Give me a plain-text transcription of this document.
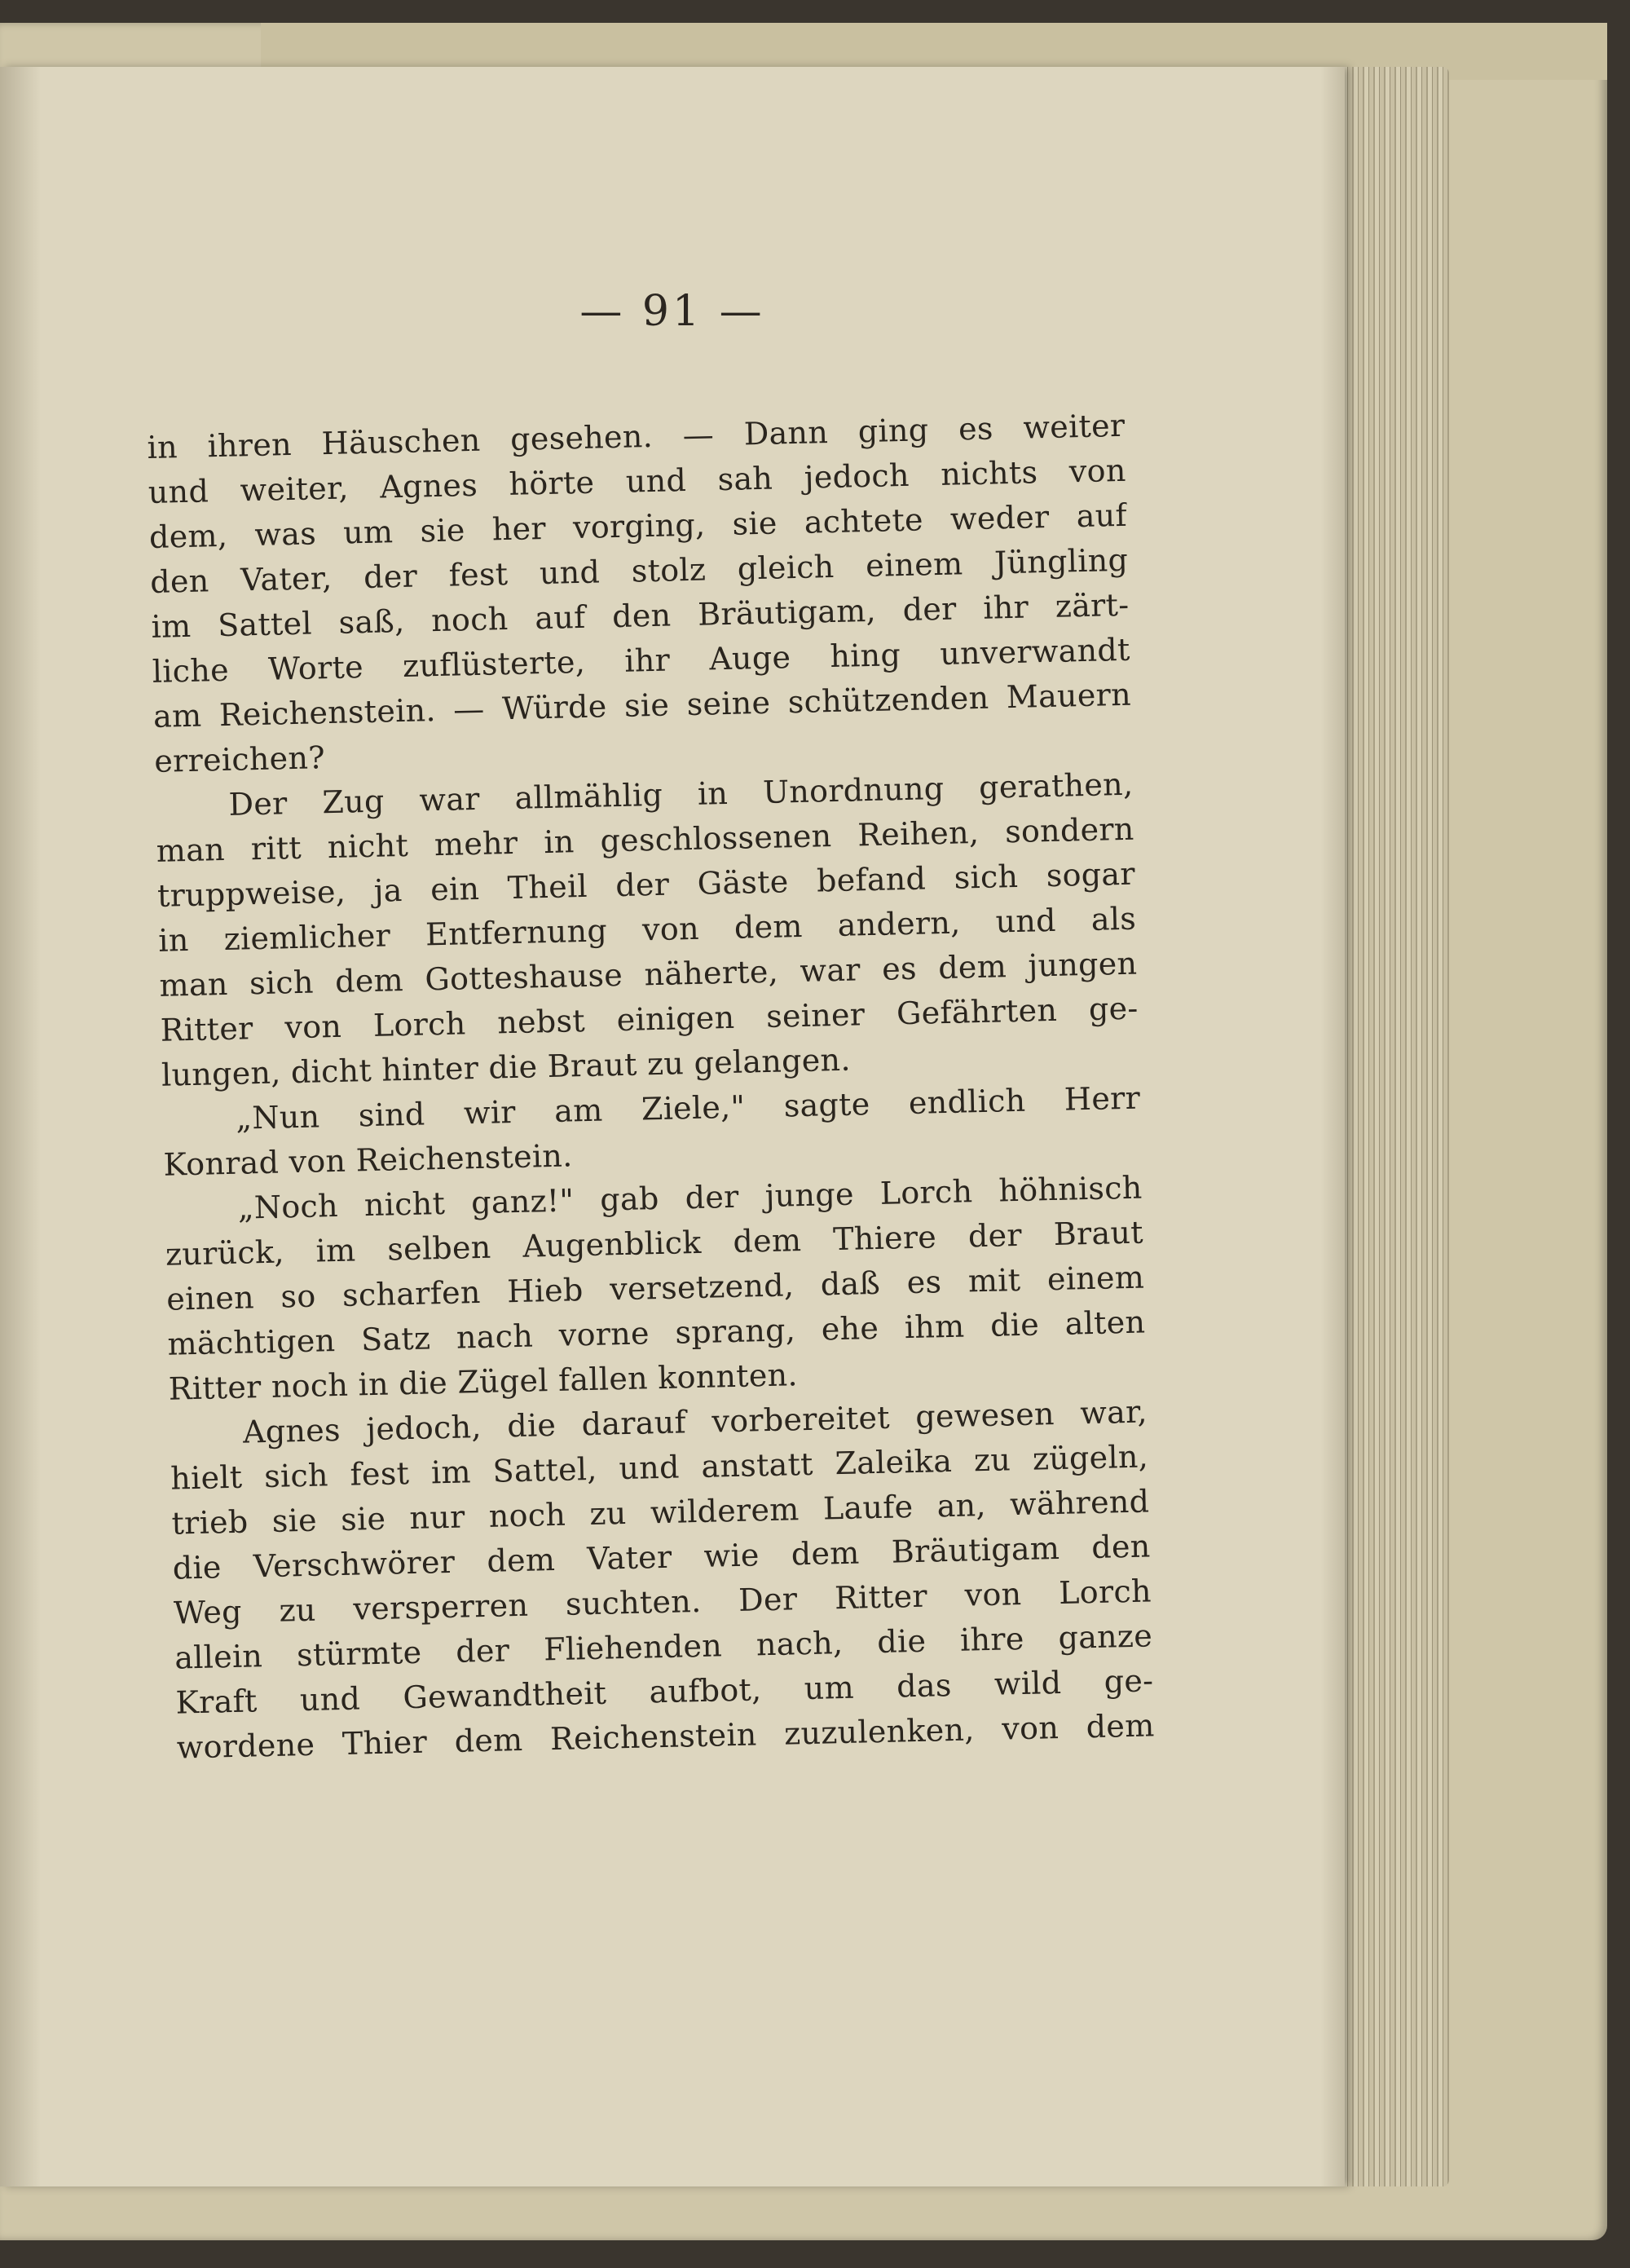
— 91 —
in ihren Häuschen gesehen. — Dann ging es weiter
und weiter, Agnes hörte und sah jedoch nichts von
dem, was um sie her vorging, sie achtete weder auf
den Vater, der fest und stolz gleich einem Jüngling
im Sattel saß, noch auf den Bräutigam, der ihr zärt-
liche Worte zuflüsterte, ihr Auge hing unverwandt
am Reichenstein. — Würde sie seine schützenden Mauern
erreichen?
Der Zug war allmählig in Unordnung gerathen,
man ritt nicht mehr in geschlossenen Reihen, sondern
truppweise, ja ein Theil der Gäste befand sich sogar
in ziemlicher Entfernung von dem andern, und als
man sich dem Gotteshause näherte, war es dem jungen
Ritter von Lorch nebst einigen seiner Gefährten ge-
lungen, dicht hinter die Braut zu gelangen.
„Nun sind wir am Ziele," sagte endlich Herr
Konrad von Reichenstein.
„Noch nicht ganz!" gab der junge Lorch höhnisch
zurück, im selben Augenblick dem Thiere der Braut
einen so scharfen Hieb versetzend, daß es mit einem
mächtigen Satz nach vorne sprang, ehe ihm die alten
Ritter noch in die Zügel fallen konnten.
Agnes jedoch, die darauf vorbereitet gewesen war,
hielt sich fest im Sattel, und anstatt Zaleika zu zügeln,
trieb sie sie nur noch zu wilderem Laufe an, während
die Verschwörer dem Vater wie dem Bräutigam den
Weg zu versperren suchten. Der Ritter von Lorch
allein stürmte der Fliehenden nach, die ihre ganze
Kraft und Gewandtheit aufbot, um das wild ge-
wordene Thier dem Reichenstein zuzulenken, von dem
